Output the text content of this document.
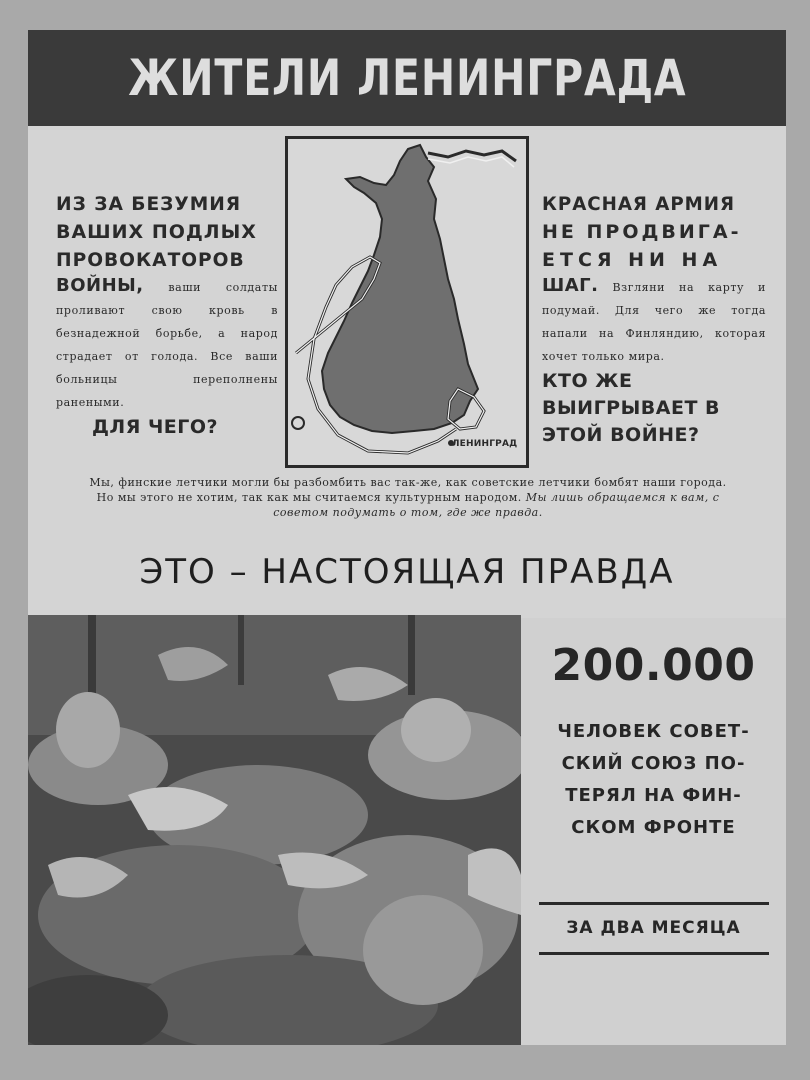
ЖИТЕЛИ ЛЕНИНГРАДА
ИЗ ЗА БЕЗУМИЯ
ВАШИХ ПОДЛЫХ
ПРОВОКАТОРОВ
ВОЙНЫ, ваши солдаты проливают свою кровь в безнадежной борьбе, а народ страдает от голода. Все ваши больницы переполнены ранеными.
ДЛЯ ЧЕГО?
ЛЕНИНГРАД
КРАСНАЯ АРМИЯ
НЕ ПРОДВИГА-
ЕТСЯ НИ НА
ШАГ. Взгляни на карту и подумай. Для чего же тогда напали на Финляндию, которая хочет только мира.
КТО ЖЕ ВЫИГРЫВАЕТ В ЭТОЙ ВОЙНЕ?
Мы, финские летчики могли бы разбомбить вас так-же, как советские летчики бомбят наши города. Но мы этого не хотим, так как мы считаемся культурным народом. Мы лишь обращаемся к вам, с советом подумать о том, где же правда.
ЭТО – НАСТОЯЩАЯ ПРАВДА
200.000
ЧЕЛОВЕК СОВЕТ-
СКИЙ СОЮЗ ПО-
ТЕРЯЛ НА ФИН-
СКОМ ФРОНТЕ
ЗА ДВА МЕСЯЦА
